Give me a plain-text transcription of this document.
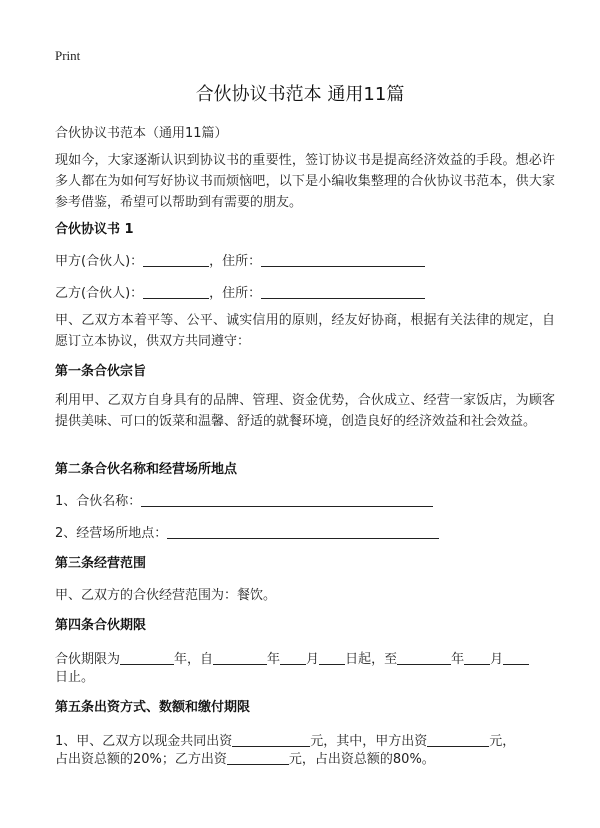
Print
合伙协议书范本 通用11篇
合伙协议书范本（通用11篇）
现如今，大家逐渐认识到协议书的重要性，签订协议书是提高经济效益的手段。想必许多人都在为如何写好协议书而烦恼吧，以下是小编收集整理的合伙协议书范本，供大家参考借鉴，希望可以帮助到有需要的朋友。
合伙协议书 1
甲方(合伙人)：	，住所：
乙方(合伙人)：	，住所：
甲、乙双方本着平等、公平、诚实信用的原则，经友好协商，根据有关法律的规定，自愿订立本协议，供双方共同遵守：
第一条合伙宗旨
利用甲、乙双方自身具有的品牌、管理、资金优势，合伙成立、经营一家饭店，为顾客提供美味、可口的饭菜和温馨、舒适的就餐环境，创造良好的经济效益和社会效益。
第二条合伙名称和经营场所地点
1、合伙名称：
2、经营场所地点：
第三条经营范围
甲、乙双方的合伙经营范围为：餐饮。
第四条合伙期限
合伙期限为	年，自	年 月 日起，至	年 月
日止。
第五条出资方式、数额和缴付期限
1、甲、乙双方以现金共同出资	元，其中，甲方出资	元，
占出资总额的20%；乙方出资	元，占出资总额的80%。
